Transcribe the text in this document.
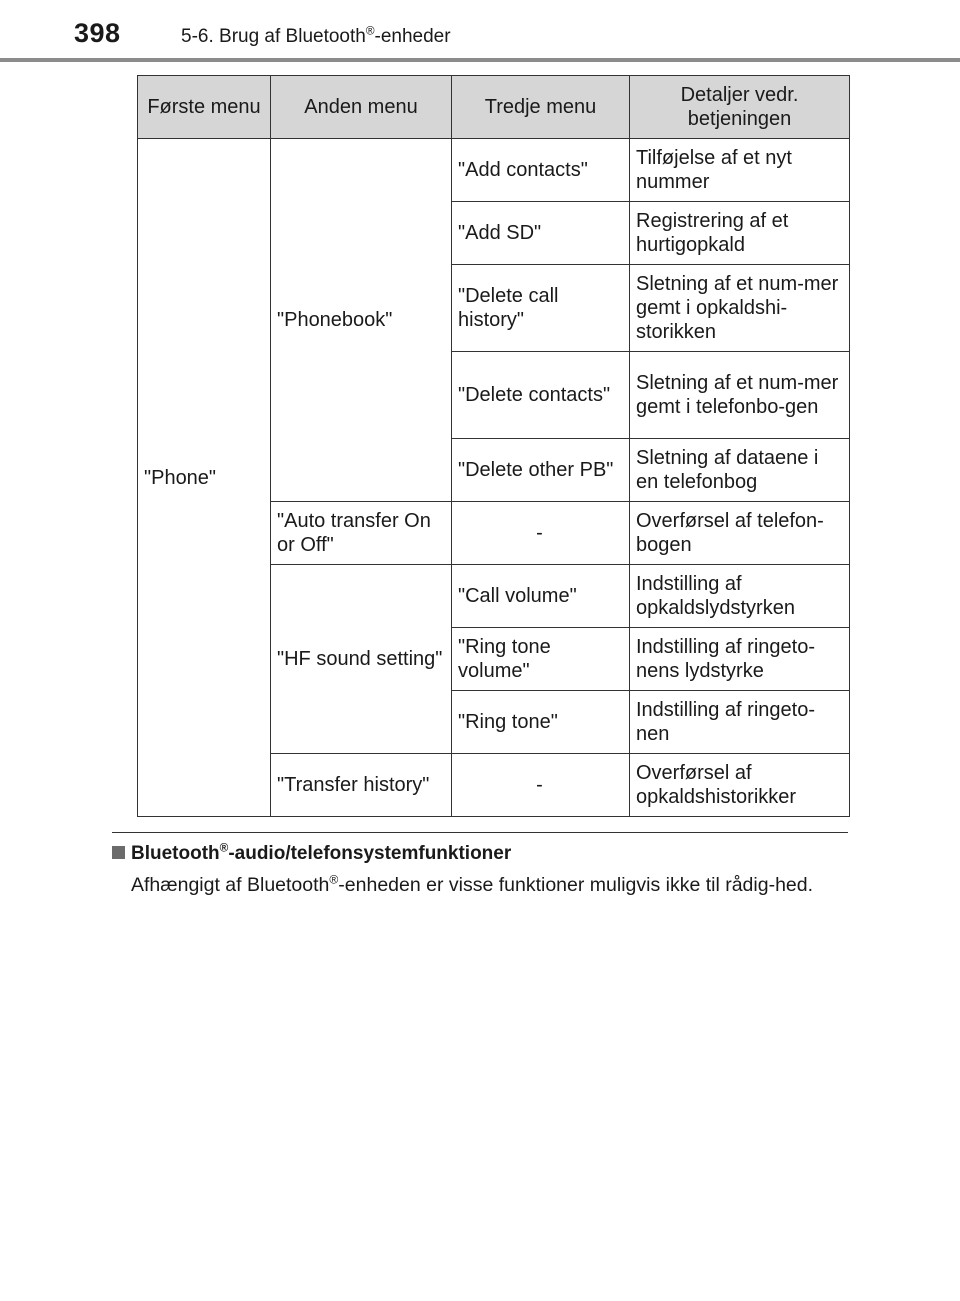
398	5-6. Brug af Bluetooth®-enheder
Første menu	Anden menu	Tredje menu	Detaljer vedr. betjeningen
"Phone"	"Phonebook"	"Add contacts"	Tilføjelse af et nyt nummer
		"Add SD"	Registrering af et hurtigopkald
		"Delete call history"	Sletning af et num-mer gemt i opkaldshi-storikken
		"Delete contacts"	Sletning af et num-mer gemt i telefonbo-gen
		"Delete other PB"	Sletning af dataene i en telefonbog
	"Auto transfer On or Off"	-	Overførsel af telefon-bogen
	"HF sound setting"	"Call volume"	Indstilling af opkaldslydstyrken
		"Ring tone volume"	Indstilling af ringeto-nens lydstyrke
		"Ring tone"	Indstilling af ringeto-nen
	"Transfer history"	-	Overførsel af opkaldshistorikker
Bluetooth®-audio/telefonsystemfunktioner
Afhængigt af Bluetooth®-enheden er visse funktioner muligvis ikke til rådig-hed.
